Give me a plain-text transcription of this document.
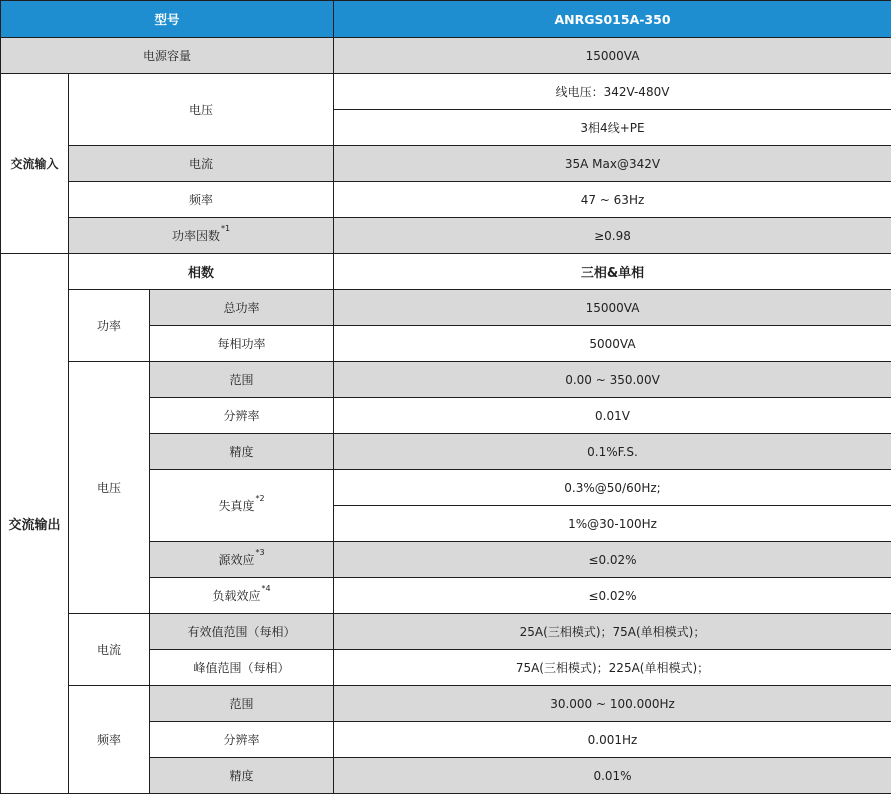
型号			ANRGS015A-350
电源容量			15000VA
交流输入	电压		线电压：342V-480V
			3相4线+PE
	电流		35A Max@342V
	频率		47 ~ 63Hz
	功率因数$^{*1}$		≥0.98
交流输出	相数		三相&单相
	功率	总功率	15000VA
		每相功率	5000VA
	电压	范围	0.00 ~ 350.00V
		分辨率	0.01V
		精度	0.1%F.S.
		失真度$^{*2}$	0.3%@50/60Hz;
			1%@30-100Hz
		源效应$^{*3}$	≤0.02%
		负载效应$^{*4}$	≤0.02%
	电流	有效值范围（每相）	25A(三相模式)；75A(单相模式)；
		峰值范围（每相）	75A(三相模式)；225A(单相模式)；
	频率	范围	30.000 ~ 100.000Hz
		分辨率	0.001Hz
		精度	0.01%
